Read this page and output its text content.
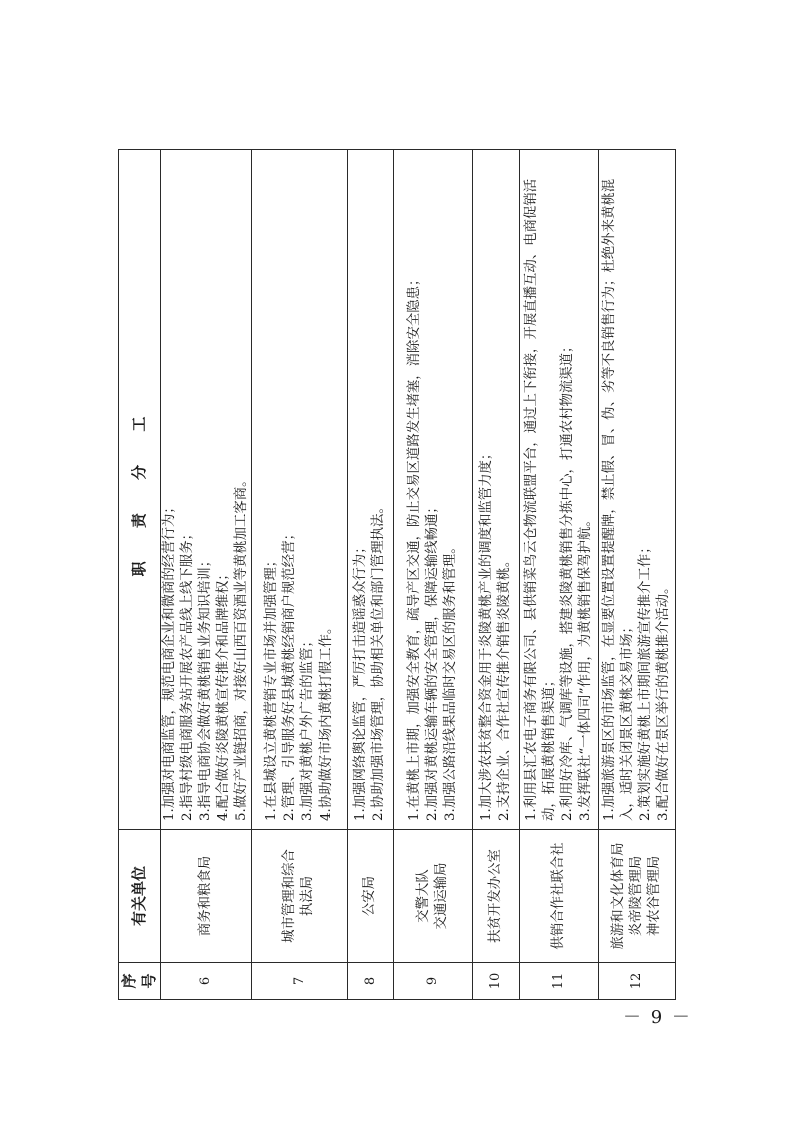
序号	有关单位	职 责 分 工
6	商务和粮食局	1.加强对电商监管，规范电商企业和微商的经营行为； 2.指导村级电商服务站开展农产品线上线下服务； 3.指导电商协会做好黄桃销售业务知识培训； 4.配合做好炎陵黄桃宣传推介和品牌维权； 5.做好产业链招商，对接好山西百资酒业等黄桃加工客商。

7	城市管理和综合 执法局	1.在县城设立黄桃营销专业市场并加强管理； 2.管理、引导服务好县城黄桃经销商户规范经营； 3.加强对黄桃户外广告的监管； 4.协助做好市场内黄桃打假工作。

8	公安局	1.加强网络舆论监管，严厉打击造谣惑众行为； 2.协助加强市场管理，协助相关单位和部门管理执法。

9	交警大队 交通运输局	1.在黄桃上市期，加强安全教育，疏导产区交通，防止交易区道路发生堵塞，消除安全隐患； 2.加强对黄桃运输车辆的安全管理，保障运输线畅通； 3.加强公路沿线果品临时交易区的服务和管理。

10	扶贫开发办公室	1.加大涉农扶贫整合资金用于炎陵黄桃产业的调度和监管力度； 2.支持企业、合作社宣传推介销售炎陵黄桃。

11	供销合作社联合社	1.利用县汇农电子商务有限公司、县供销菜鸟云仓物流联盟平台，通过上下衔接，开展直播互动、电商促销活动，拓展黄桃销售渠道； 2.利用好冷库、气调库等设施，搭建炎陵黄桃销售分拣中心，打通农村物流渠道； 3.发挥联社“一体四司”作用，为黄桃销售保驾护航。

12	旅游和文化体育局 炎帝陵管理局 神农谷管理局	1.加强旅游景区的市场监管，在显要位置设置提醒牌，禁止假、冒、伪、劣等不良销售行为；杜绝外来黄桃混入，适时关闭景区黄桃交易市场； 2.策划实施好黄桃上市期间旅游宣传推介工作； 3.配合做好在景区举行的黄桃推介活动。
－ 9 －
